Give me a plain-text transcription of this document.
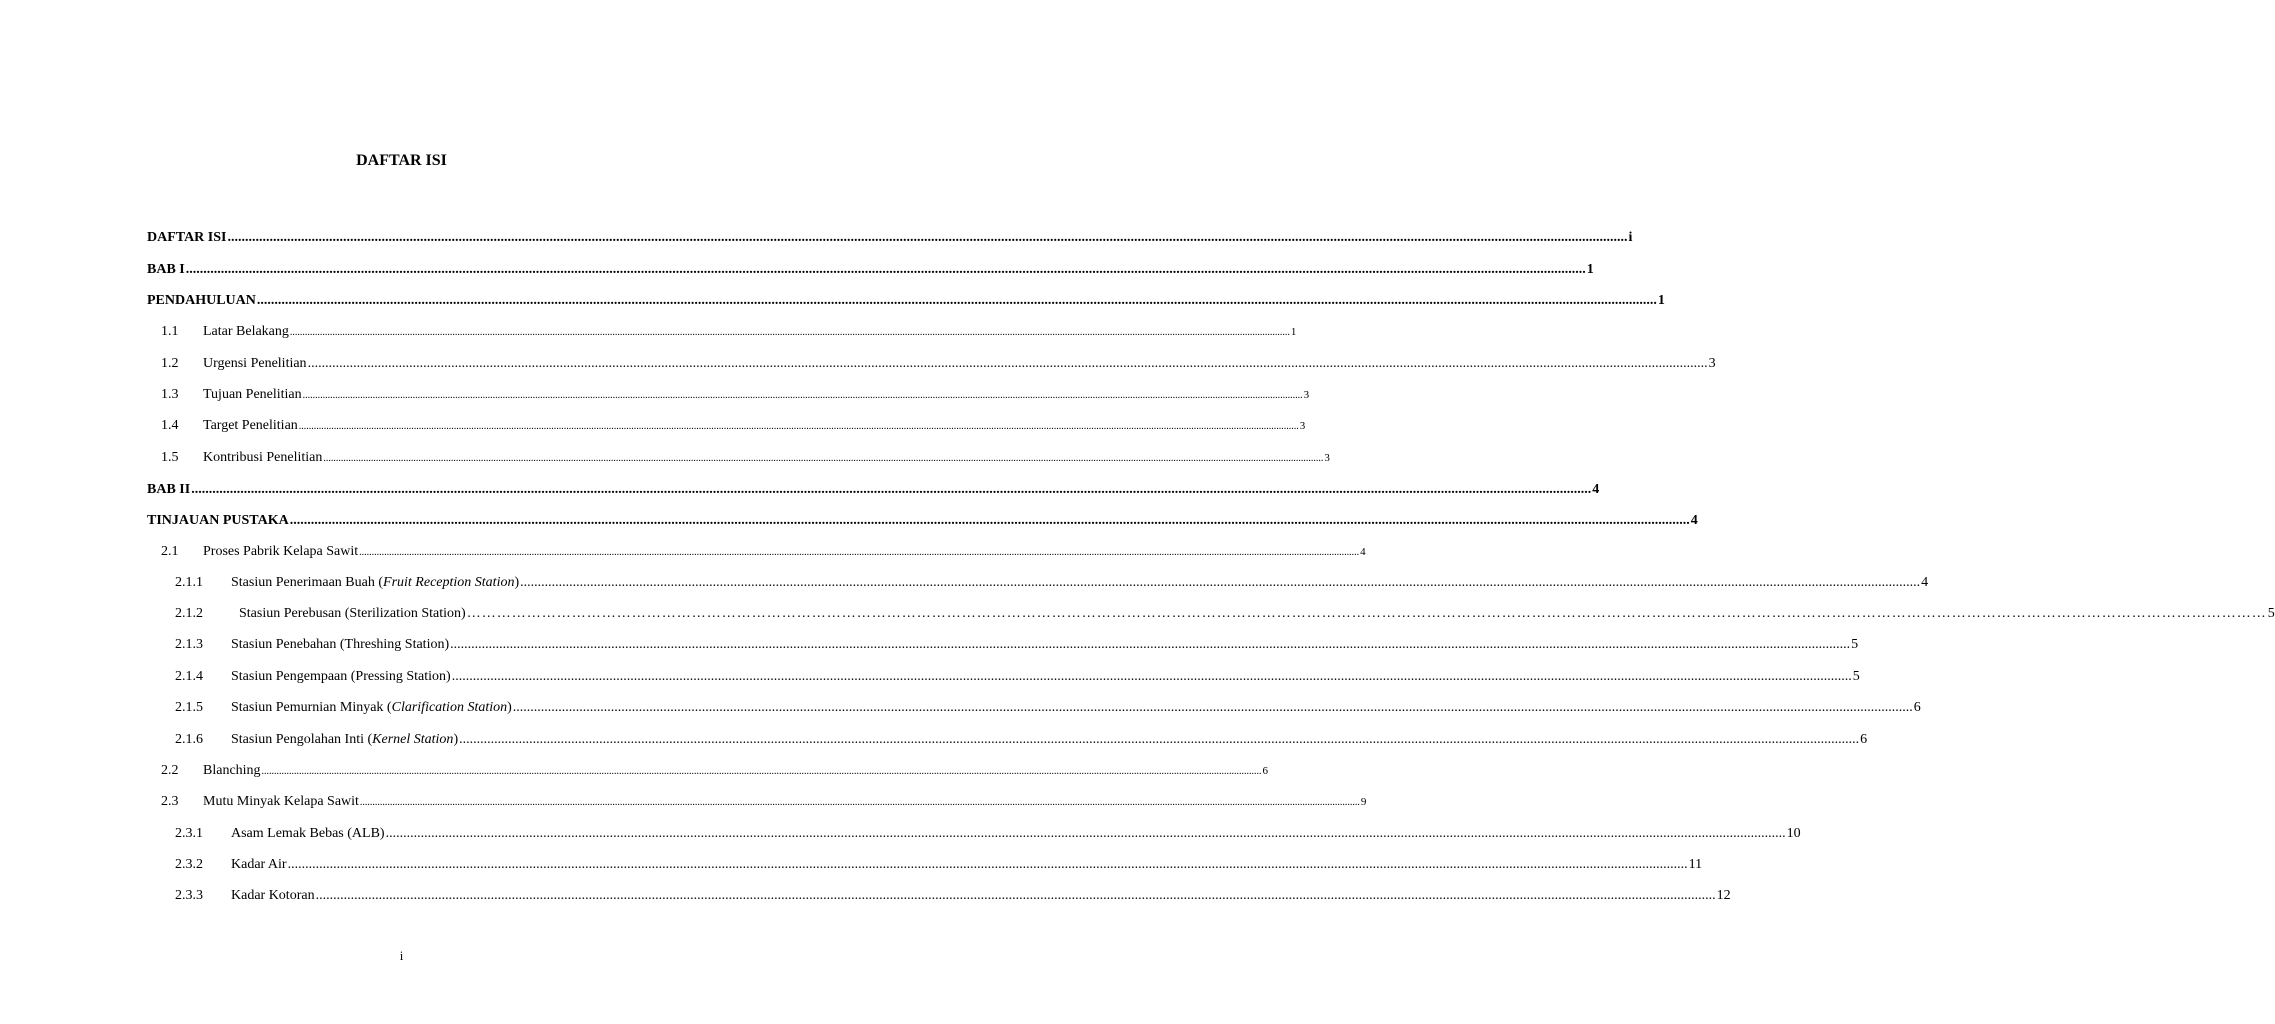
DAFTAR ISI
DAFTAR ISI ................................................................................................................................................................................................................................................................................................................................................................................................................ i
BAB I ................................................................................................................................................................................................................................................................................................................................................................................................................ 1
PENDAHULUAN ................................................................................................................................................................................................................................................................................................................................................................................................................ 1
1.1	Latar Belakang ................................................................................................................................................................................................................................................................................................................................................................................................................ 1
1.2	Urgensi Penelitian ................................................................................................................................................................................................................................................................................................................................................................................................................ 3
1.3	Tujuan Penelitian ................................................................................................................................................................................................................................................................................................................................................................................................................ 3
1.4	Target Penelitian ................................................................................................................................................................................................................................................................................................................................................................................................................ 3
1.5	Kontribusi Penelitian ................................................................................................................................................................................................................................................................................................................................................................................................................ 3
BAB II ................................................................................................................................................................................................................................................................................................................................................................................................................ 4
TINJAUAN PUSTAKA ................................................................................................................................................................................................................................................................................................................................................................................................................ 4
2.1	Proses Pabrik Kelapa Sawit ................................................................................................................................................................................................................................................................................................................................................................................................................ 4
2.1.1	Stasiun Penerimaan Buah (Fruit Reception Station) ................................................................................................................................................................................................................................................................................................................................................................................................................ 4
2.1.2	Stasiun Perebusan (Sterilization Station) ……………………………………………………………………………………………………………………………………………………………………………………………………………………………………………………………………………………………………………………………… 5
2.1.3	Stasiun Penebahan (Threshing Station) ................................................................................................................................................................................................................................................................................................................................................................................................................ 5
2.1.4	Stasiun Pengempaan (Pressing Station) ................................................................................................................................................................................................................................................................................................................................................................................................................ 5
2.1.5	Stasiun Pemurnian Minyak (Clarification Station) ................................................................................................................................................................................................................................................................................................................................................................................................................ 6
2.1.6	Stasiun Pengolahan Inti (Kernel Station) ................................................................................................................................................................................................................................................................................................................................................................................................................ 6
2.2	Blanching ................................................................................................................................................................................................................................................................................................................................................................................................................ 6
2.3	Mutu Minyak Kelapa Sawit ................................................................................................................................................................................................................................................................................................................................................................................................................ 9
2.3.1	Asam Lemak Bebas (ALB) ................................................................................................................................................................................................................................................................................................................................................................................................................ 10
2.3.2	Kadar Air ................................................................................................................................................................................................................................................................................................................................................................................................................ 11
2.3.3	Kadar Kotoran ................................................................................................................................................................................................................................................................................................................................................................................................................ 12
i
